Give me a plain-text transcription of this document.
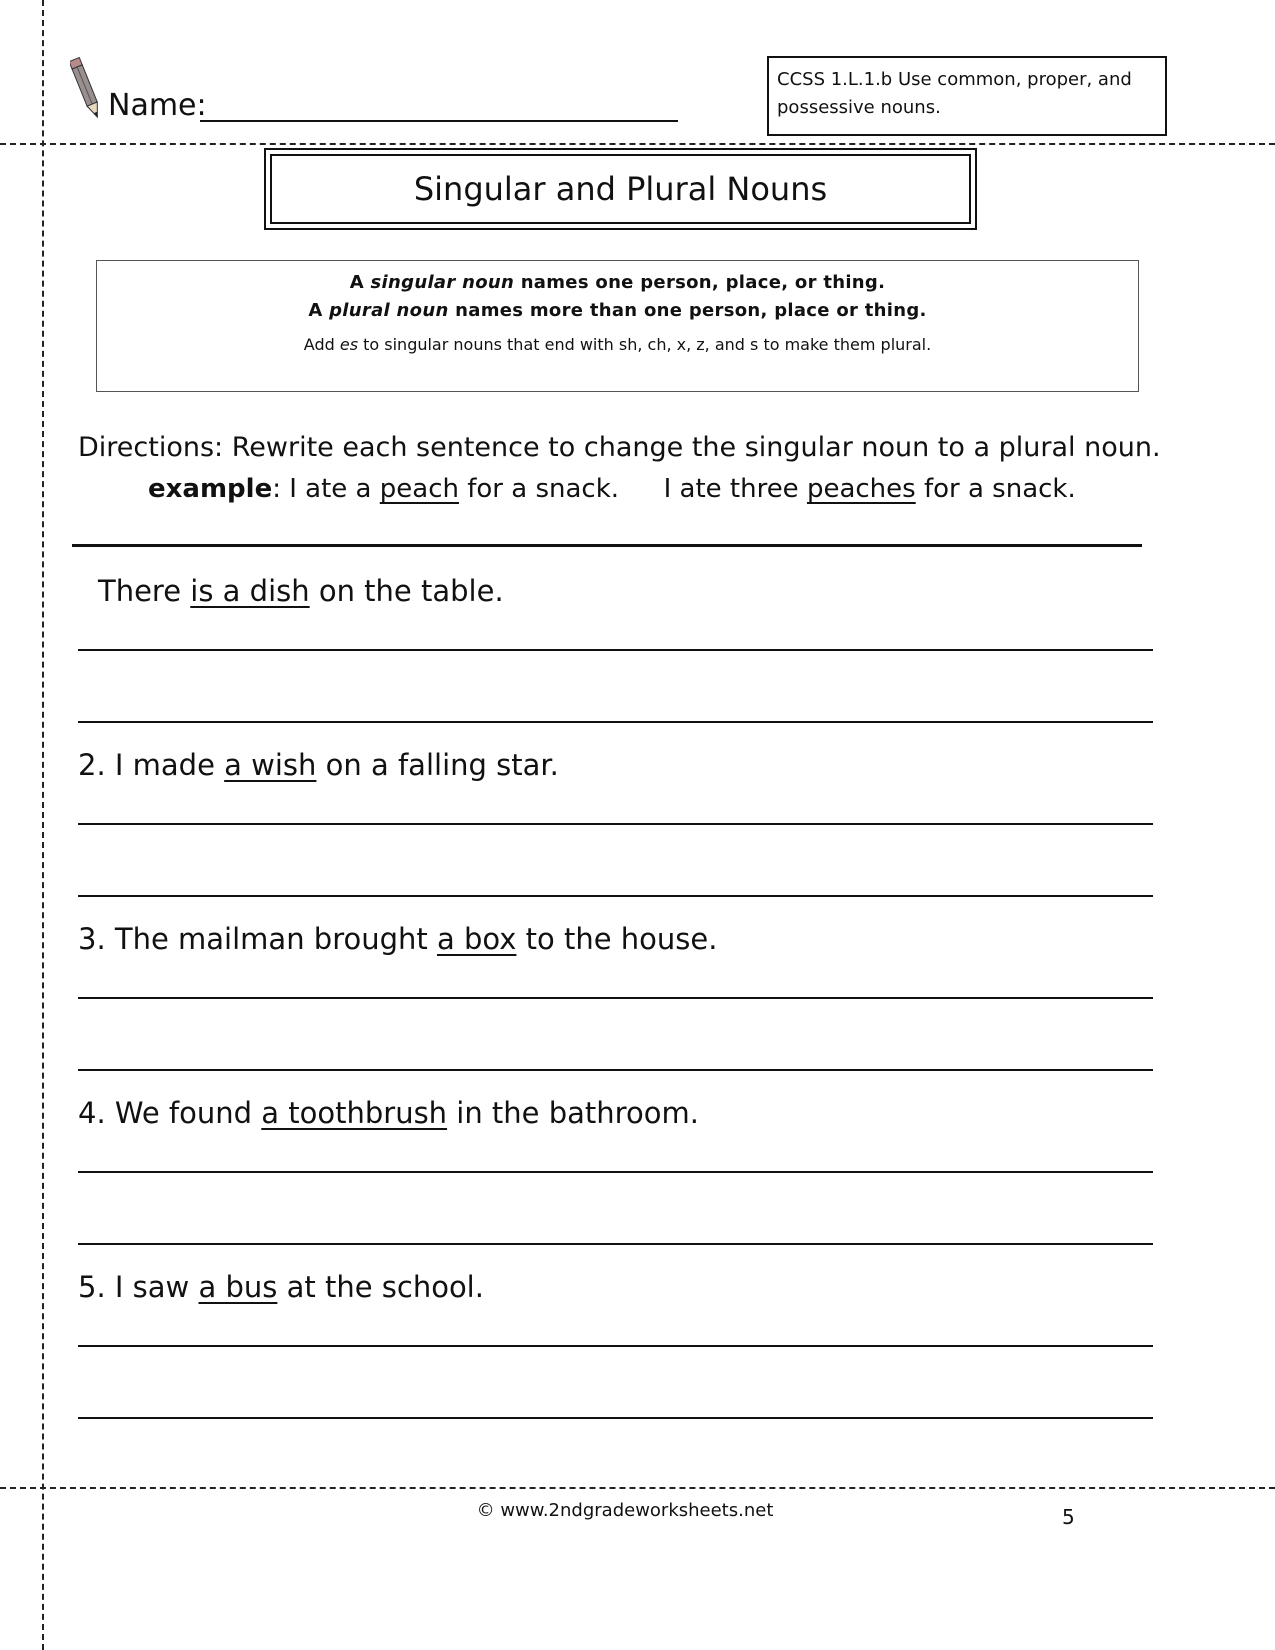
Name:
CCSS 1.L.1.b Use common, proper, and possessive nouns.
Singular and Plural Nouns
A singular noun names one person, place, or thing.
A plural noun names more than one person, place or thing.
Add es to singular nouns that end with sh, ch, x, z, and s to make them plural.
Directions: Rewrite each sentence to change the singular noun to a plural noun.
example: I ate a peach for a snack. I ate three peaches for a snack.
There is a dish on the table.
2. I made a wish on a falling star.
3. The mailman brought a box to the house.
4. We found a toothbrush in the bathroom.
5. I saw a bus at the school.
© www.2ndgradeworksheets.net	5
